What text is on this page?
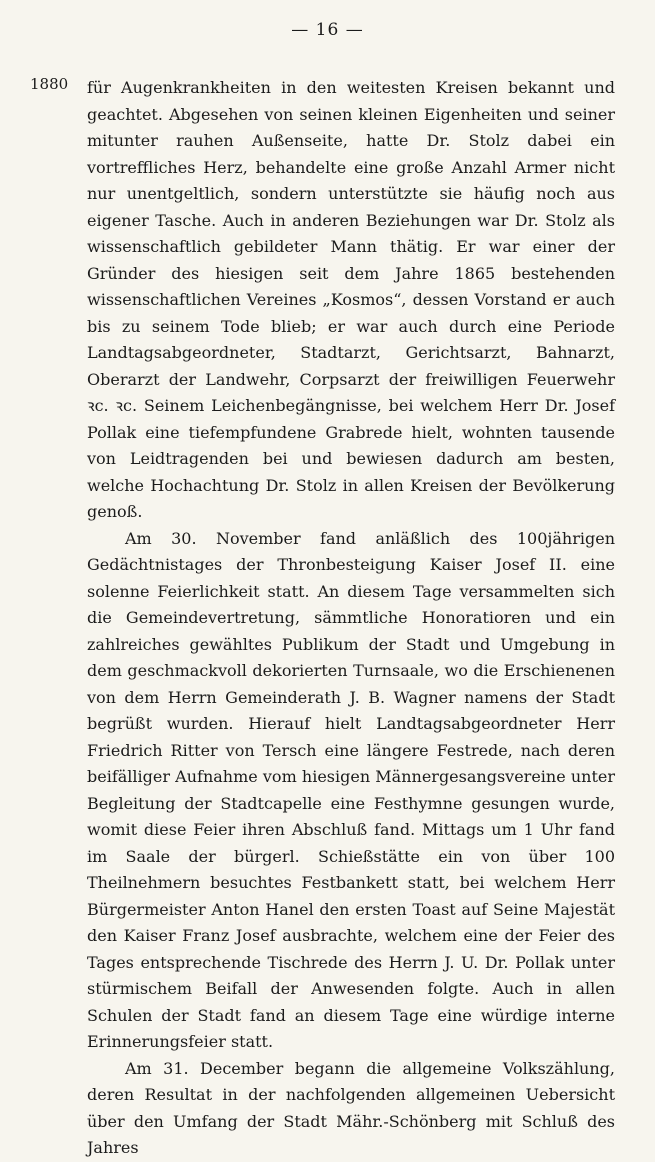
— 16 —
1880 für Augenkrankheiten in den weitesten Kreisen bekannt und geachtet. Abgesehen von seinen kleinen Eigenheiten und seiner mitunter rauhen Außenseite, hatte Dr. Stolz dabei ein vortreffliches Herz, behandelte eine große Anzahl Armer nicht nur unentgeltlich, sondern unterstützte sie häufig noch aus eigener Tasche. Auch in anderen Beziehungen war Dr. Stolz als wissenschaftlich gebildeter Mann thätig. Er war einer der Gründer des hiesigen seit dem Jahre 1865 bestehenden wissenschaftlichen Vereines „Kosmos“, dessen Vorstand er auch bis zu seinem Tode blieb; er war auch durch eine Periode Landtagsabgeordneter, Stadtarzt, Gerichtsarzt, Bahnarzt, Oberarzt der Landwehr, Corpsarzt der freiwilligen Feuerwehr ꝛc. ꝛc. Seinem Leichenbegängnisse, bei welchem Herr Dr. Josef Pollak eine tiefempfundene Grabrede hielt, wohnten tausende von Leidtragenden bei und bewiesen dadurch am besten, welche Hochachtung Dr. Stolz in allen Kreisen der Bevölkerung genoß.

Am 30. November fand anläßlich des 100jährigen Gedächtnistages der Thronbesteigung Kaiser Josef II. eine solenne Feierlichkeit statt. An diesem Tage versammelten sich die Gemeindevertretung, sämmtliche Honoratioren und ein zahlreiches gewähltes Publikum der Stadt und Umgebung in dem geschmackvoll dekorierten Turnsaale, wo die Erschienenen von dem Herrn Gemeinderath J. B. Wagner namens der Stadt begrüßt wurden. Hierauf hielt Landtagsabgeordneter Herr Friedrich Ritter von Tersch eine längere Festrede, nach deren beifälliger Aufnahme vom hiesigen Männergesangsvereine unter Begleitung der Stadtcapelle eine Festhymne gesungen wurde, womit diese Feier ihren Abschluß fand. Mittags um 1 Uhr fand im Saale der bürgerl. Schießstätte ein von über 100 Theilnehmern besuchtes Festbankett statt, bei welchem Herr Bürgermeister Anton Hanel den ersten Toast auf Seine Majestät den Kaiser Franz Josef ausbrachte, welchem eine der Feier des Tages entsprechende Tischrede des Herrn J. U. Dr. Pollak unter stürmischem Beifall der Anwesenden folgte. Auch in allen Schulen der Stadt fand an diesem Tage eine würdige interne Erinnerungsfeier statt.

Am 31. December begann die allgemeine Volkszählung, deren Resultat in der nachfolgenden allgemeinen Uebersicht über den Umfang der Stadt Mähr.-Schönberg mit Schluß des Jahres
